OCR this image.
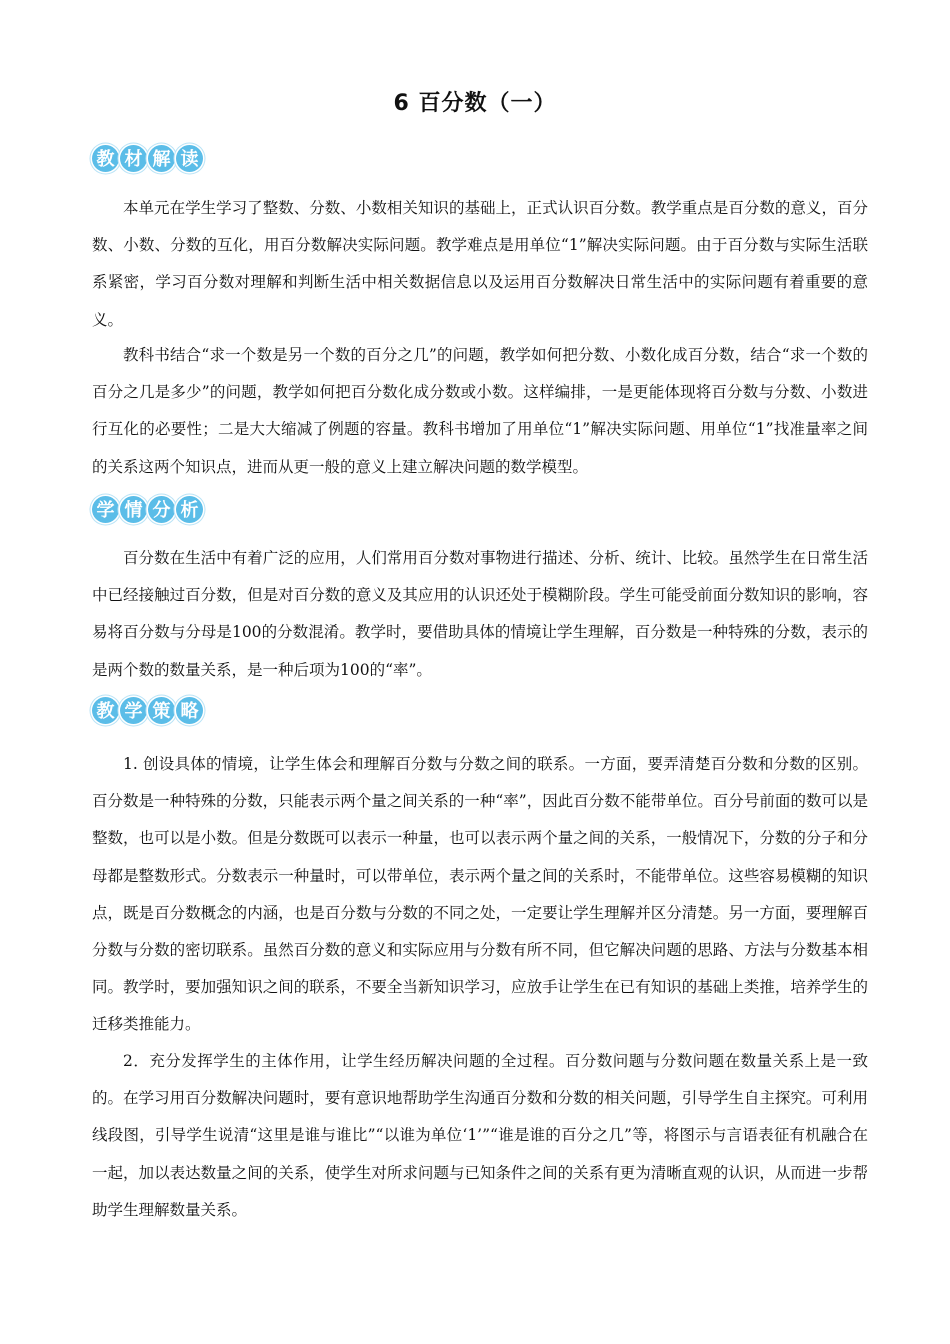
6 百分数（一）
教 材 解 读

本单元在学生学习了整数、分数、小数相关知识的基础上，正式认识百分数。教学重点是百分数的意义，百分数、小数、分数的互化，用百分数解决实际问题。教学难点是用单位“1”解决实际问题。由于百分数与实际生活联系紧密，学习百分数对理解和判断生活中相关数据信息以及运用百分数解决日常生活中的实际问题有着重要的意义。

教科书结合“求一个数是另一个数的百分之几”的问题，教学如何把分数、小数化成百分数，结合“求一个数的百分之几是多少”的问题，教学如何把百分数化成分数或小数。这样编排，一是更能体现将百分数与分数、小数进行互化的必要性；二是大大缩减了例题的容量。教科书增加了用单位“1”解决实际问题、用单位“1”找准量率之间的关系这两个知识点，进而从更一般的意义上建立解决问题的数学模型。

学 情 分 析

百分数在生活中有着广泛的应用，人们常用百分数对事物进行描述、分析、统计、比较。虽然学生在日常生活中已经接触过百分数，但是对百分数的意义及其应用的认识还处于模糊阶段。学生可能受前面分数知识的影响，容易将百分数与分母是100的分数混淆。教学时，要借助具体的情境让学生理解，百分数是一种特殊的分数，表示的是两个数的数量关系，是一种后项为100的“率”。

教 学 策 略

1. 创设具体的情境，让学生体会和理解百分数与分数之间的联系。一方面，要弄清楚百分数和分数的区别。百分数是一种特殊的分数，只能表示两个量之间关系的一种“率”，因此百分数不能带单位。百分号前面的数可以是整数，也可以是小数。但是分数既可以表示一种量，也可以表示两个量之间的关系，一般情况下，分数的分子和分母都是整数形式。分数表示一种量时，可以带单位，表示两个量之间的关系时，不能带单位。这些容易模糊的知识点，既是百分数概念的内涵，也是百分数与分数的不同之处，一定要让学生理解并区分清楚。另一方面，要理解百分数与分数的密切联系。虽然百分数的意义和实际应用与分数有所不同，但它解决问题的思路、方法与分数基本相同。教学时，要加强知识之间的联系，不要全当新知识学习，应放手让学生在已有知识的基础上类推，培养学生的迁移类推能力。

2．充分发挥学生的主体作用，让学生经历解决问题的全过程。百分数问题与分数问题在数量关系上是一致的。在学习用百分数解决问题时，要有意识地帮助学生沟通百分数和分数的相关问题，引导学生自主探究。可利用线段图，引导学生说清“这里是谁与谁比”“以谁为单位‘1’”“谁是谁的百分之几”等，将图示与言语表征有机融合在一起，加以表达数量之间的关系，使学生对所求问题与已知条件之间的关系有更为清晰直观的认识，从而进一步帮助学生理解数量关系。
